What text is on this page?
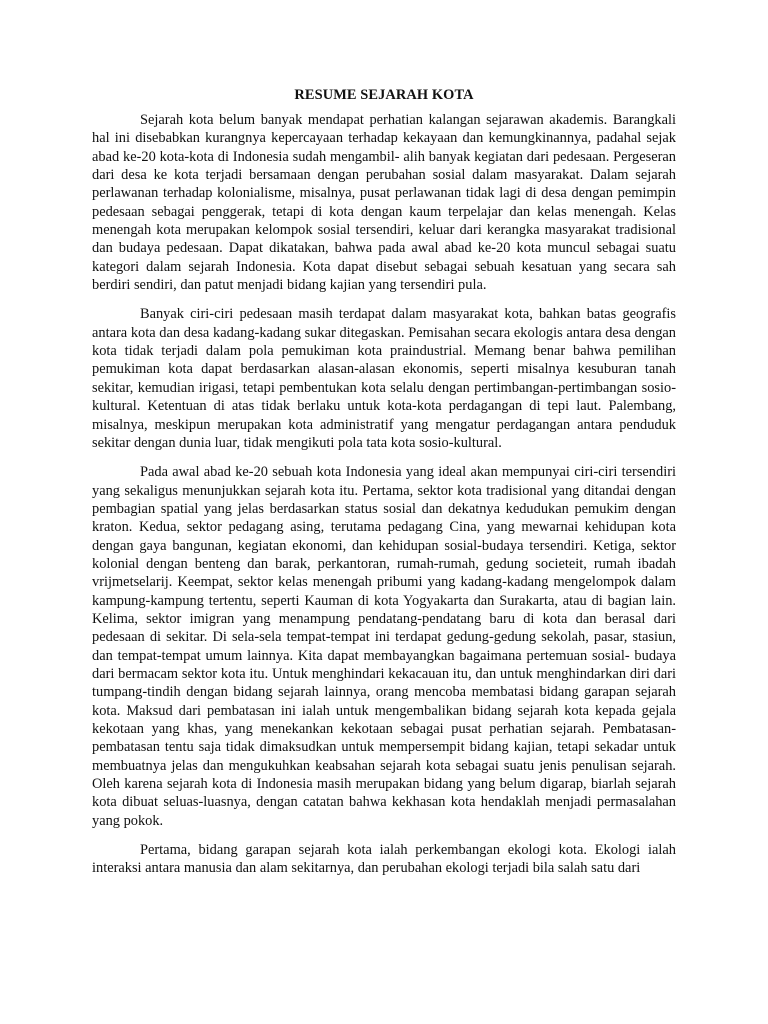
RESUME SEJARAH KOTA

Sejarah kota belum banyak mendapat perhatian kalangan sejarawan akademis. Barangkali hal ini disebabkan kurangnya kepercayaan terhadap kekayaan dan kemungkinannya, padahal sejak abad ke-20 kota-kota di Indonesia sudah mengambil- alih banyak kegiatan dari pedesaan. Pergeseran dari desa ke kota terjadi bersamaan dengan perubahan sosial dalam masyarakat. Dalam sejarah perlawanan terhadap kolonialisme, misalnya, pusat perlawanan tidak lagi di desa dengan pemimpin pedesaan sebagai penggerak, tetapi di kota dengan kaum terpelajar dan kelas menengah. Kelas menengah kota merupakan kelompok sosial tersendiri, keluar dari kerangka masyarakat tradisional dan budaya pedesaan. Dapat dikatakan, bahwa pada awal abad ke-20 kota muncul sebagai suatu kategori dalam sejarah Indonesia. Kota dapat disebut sebagai sebuah kesatuan yang secara sah berdiri sendiri, dan patut menjadi bidang kajian yang tersendiri pula.

Banyak ciri-ciri pedesaan masih terdapat dalam masyarakat kota, bahkan batas geografis antara kota dan desa kadang-kadang sukar ditegaskan. Pemisahan secara ekologis antara desa dengan kota tidak terjadi dalam pola pemukiman kota praindustrial. Memang benar bahwa pemilihan pemukiman kota dapat berdasarkan alasan-alasan ekonomis, seperti misalnya kesuburan tanah sekitar, kemudian irigasi, tetapi pembentukan kota selalu dengan pertimbangan-pertimbangan sosio-kultural. Ketentuan di atas tidak berlaku untuk kota-kota perdagangan di tepi laut. Palembang, misalnya, meskipun merupakan kota administratif yang mengatur perdagangan antara penduduk sekitar dengan dunia luar, tidak mengikuti pola tata kota sosio-kultural.

Pada awal abad ke-20 sebuah kota Indonesia yang ideal akan mempunyai ciri-ciri tersendiri yang sekaligus menunjukkan sejarah kota itu. Pertama, sektor kota tradisional yang ditandai dengan pembagian spatial yang jelas berdasarkan status sosial dan dekatnya kedudukan pemukim dengan kraton. Kedua, sektor pedagang asing, terutama pedagang Cina, yang mewarnai kehidupan kota dengan gaya bangunan, kegiatan ekonomi, dan kehidupan sosial-budaya tersendiri. Ketiga, sektor kolonial dengan benteng dan barak, perkantoran, rumah-rumah, gedung societeit, rumah ibadah vrijmetselarij. Keempat, sektor kelas menengah pribumi yang kadang-kadang mengelompok dalam kampung-kampung tertentu, seperti Kauman di kota Yogyakarta dan Surakarta, atau di bagian lain. Kelima, sektor imigran yang menampung pendatang-pendatang baru di kota dan berasal dari pedesaan di sekitar. Di sela-sela tempat-tempat ini terdapat gedung-gedung sekolah, pasar, stasiun, dan tempat-tempat umum lainnya. Kita dapat membayangkan bagaimana pertemuan sosial- budaya dari bermacam sektor kota itu. Untuk menghindari kekacauan itu, dan untuk menghindarkan diri dari tumpang-tindih dengan bidang sejarah lainnya, orang mencoba membatasi bidang garapan sejarah kota. Maksud dari pembatasan ini ialah untuk mengembalikan bidang sejarah kota kepada gejala kekotaan yang khas, yang menekankan kekotaan sebagai pusat perhatian sejarah. Pembatasan-pembatasan tentu saja tidak dimaksudkan untuk mempersempit bidang kajian, tetapi sekadar untuk membuatnya jelas dan mengukuhkan keabsahan sejarah kota sebagai suatu jenis penulisan sejarah. Oleh karena sejarah kota di Indonesia masih merupakan bidang yang belum digarap, biarlah sejarah kota dibuat seluas-luasnya, dengan catatan bahwa kekhasan kota hendaklah menjadi permasalahan yang pokok.

Pertama, bidang garapan sejarah kota ialah perkembangan ekologi kota. Ekologi ialah interaksi antara manusia dan alam sekitarnya, dan perubahan ekologi terjadi bila salah satu dari
